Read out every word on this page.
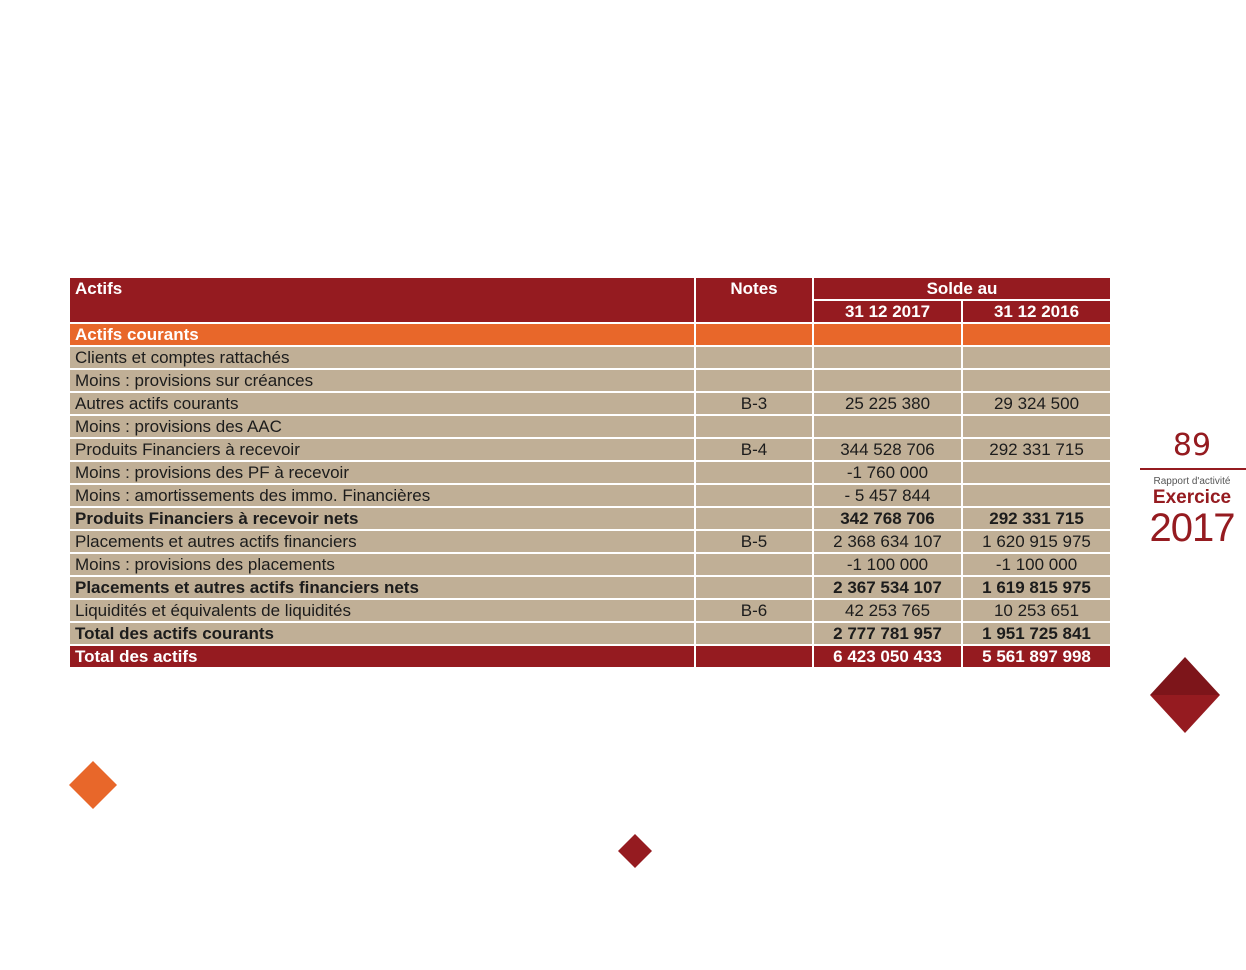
Actifs	Notes	Solde au	
		31 12 2017	31 12 2016
Actifs courants			
Clients et comptes rattachés			
Moins : provisions sur créances			
Autres actifs courants	B-3	25 225 380	29 324 500
Moins : provisions des AAC			
Produits Financiers à recevoir	B-4	344 528 706	292 331 715
Moins : provisions des PF à recevoir		-1 760 000	
Moins : amortissements des immo. Financières		- 5 457 844	
Produits Financiers à recevoir nets		342 768 706	292 331 715
Placements et autres actifs financiers	B-5	2 368 634 107	1 620 915 975
Moins : provisions des placements		-1 100 000	-1 100 000
Placements et autres actifs financiers nets		2 367 534 107	1 619 815 975
Liquidités et équivalents de liquidités	B-6	42 253 765	10 253 651
Total des actifs courants		2 777 781 957	1 951 725 841
Total des actifs		6 423 050 433	5 561 897 998
89
Rapport d'activité
Exercice
2017
